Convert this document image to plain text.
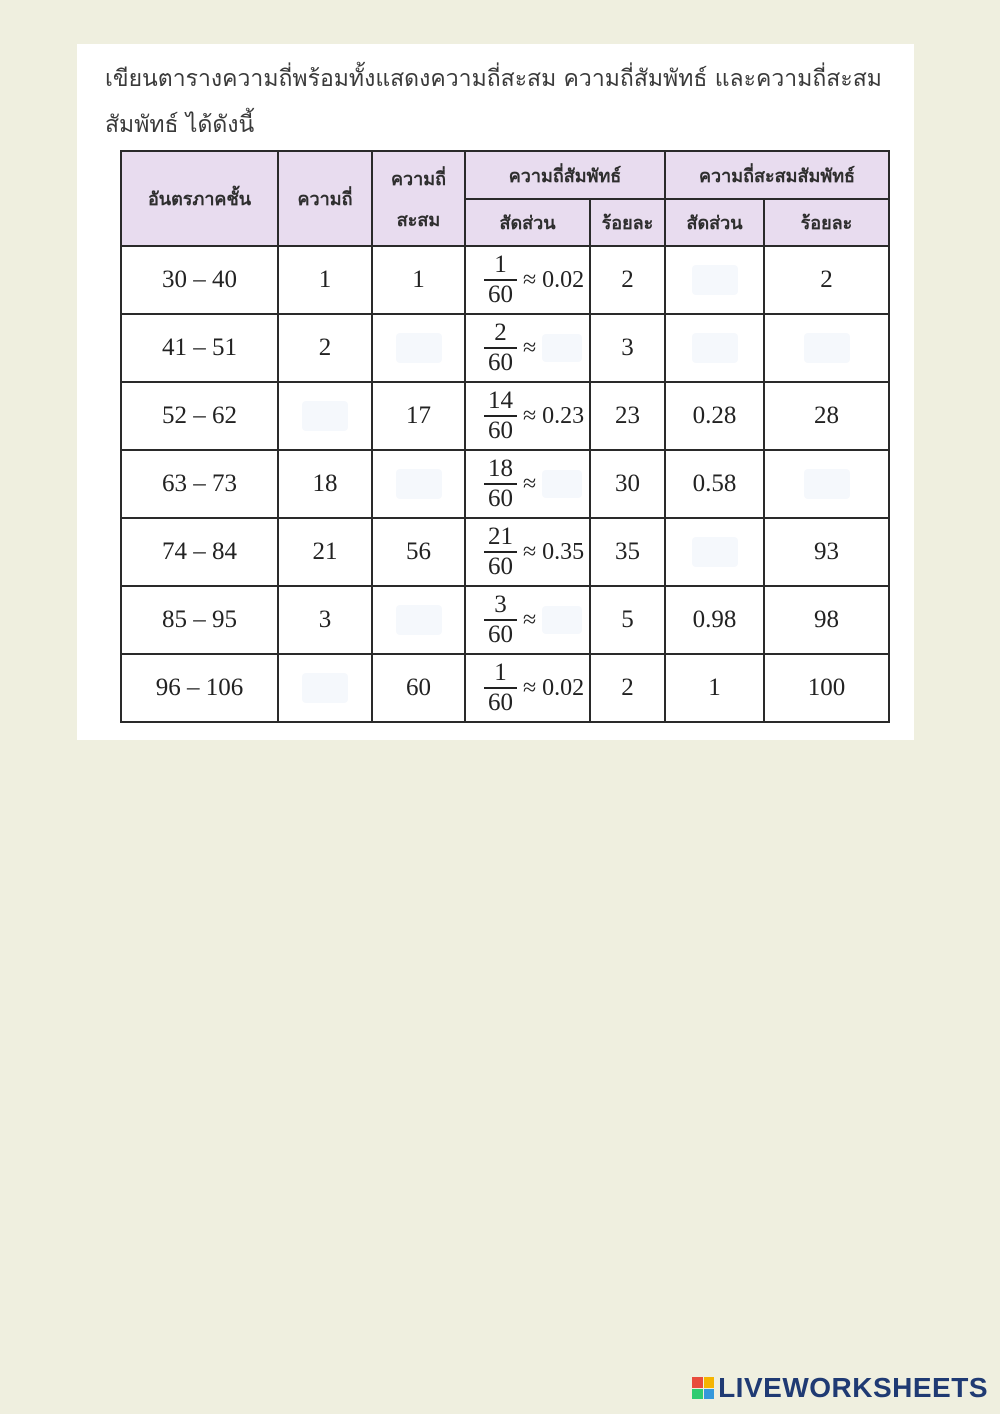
เขียนตารางความถี่พร้อมทั้งแสดงความถี่สะสม ความถี่สัมพัทธ์ และความถี่สะสมสัมพัทธ์ ได้ดังนี้
อันตรภาคชั้น	ความถี่	ความถี่
สะสม	ความถี่สัมพัทธ์		ความถี่สะสมสัมพัทธ์	
			สัดส่วน	ร้อยละ	สัดส่วน	ร้อยละ
30 – 40	1	1	$\frac{1}{60} \approx 0.02$	2		2
41 – 51	2		$\frac{2}{60}$ ≈	3		
52 – 62		17	$\frac{14}{60} \approx 0.23$	23	0.28	28
63 – 73	18		$\frac{18}{60}$ ≈	30	0.58	
74 – 84	21	56	$\frac{21}{60} \approx 0.35$	35		93
85 – 95	3		$\frac{3}{60}$ ≈	5	0.98	98
96 – 106		60	$\frac{1}{60} \approx 0.02$	2	1	100
LIVEWORKSHEETS
